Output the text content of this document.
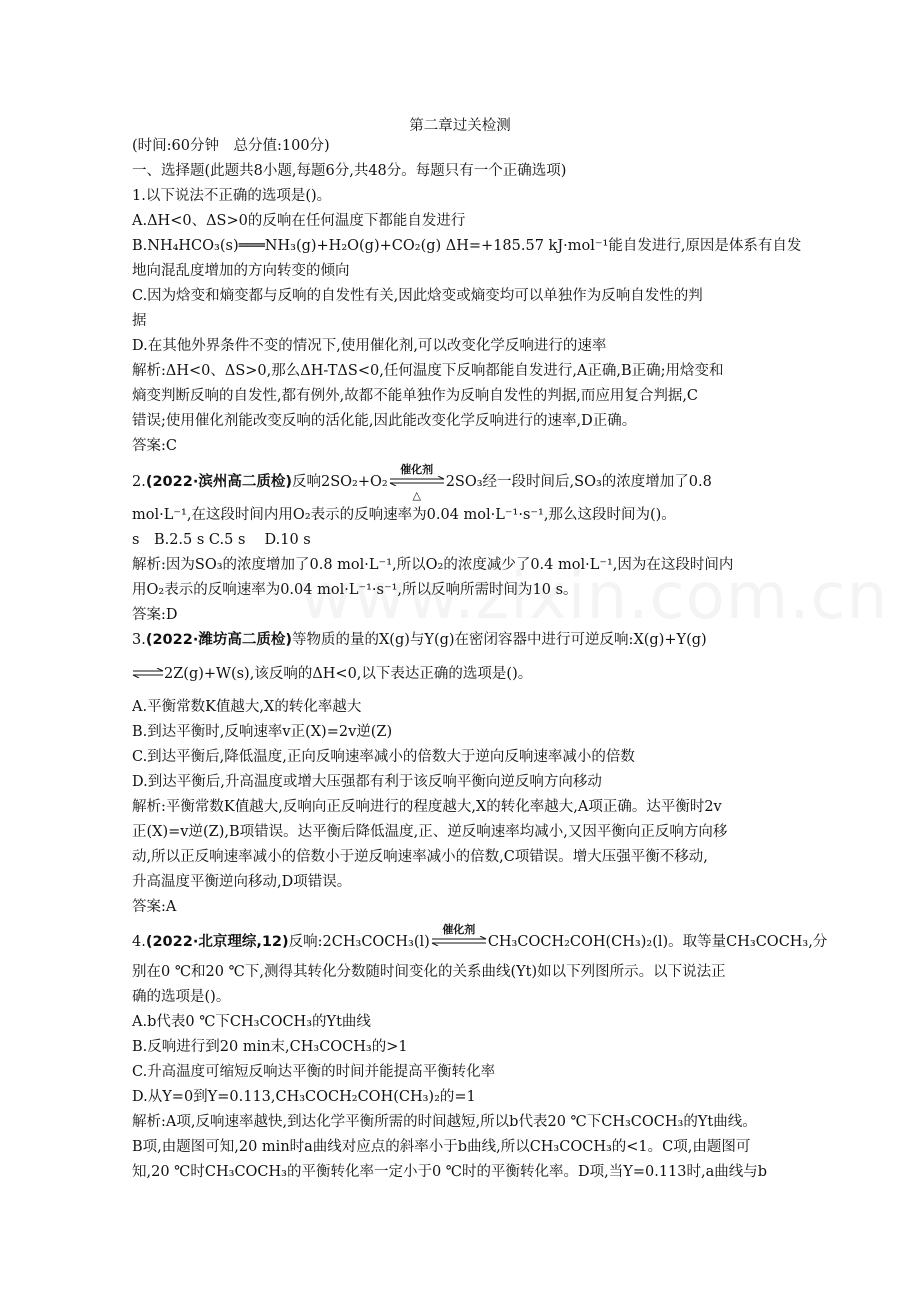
第二章过关检测
(时间:60分钟　总分值:100分)
一、选择题(此题共8小题,每题6分,共48分。每题只有一个正确选项)
1.以下说法不正确的选项是()。
A.ΔH<0、ΔS>0的反响在任何温度下都能自发进行
B.NH₄HCO₃(s)═══NH₃(g)+H₂O(g)+CO₂(g) ΔH=+185.57 kJ·mol⁻¹能自发进行,原因是体系有自发
地向混乱度增加的方向转变的倾向
C.因为焓变和熵变都与反响的自发性有关,因此焓变或熵变均可以单独作为反响自发性的判
据
D.在其他外界条件不变的情况下,使用催化剂,可以改变化学反响进行的速率
解析:ΔH<0、ΔS>0,那么ΔH-TΔS<0,任何温度下反响都能自发进行,A正确,B正确;用焓变和
熵变判断反响的自发性,都有例外,故都不能单独作为反响自发性的判据,而应用复合判据,C
错误;使用催化剂能改变反响的活化能,因此能改变化学反响进行的速率,D正确。
答案:C
2.(2022·滨州高二质检)反响2SO₂+O₂
催化剂
△
2SO₃经一段时间后,SO₃的浓度增加了0.8
mol·L⁻¹,在这段时间内用O₂表示的反响速率为0.04 mol·L⁻¹·s⁻¹,那么这段时间为()。
s　B.2.5 s C.5 s　 D.10 s
解析:因为SO₃的浓度增加了0.8 mol·L⁻¹,所以O₂的浓度减少了0.4 mol·L⁻¹,因为在这段时间内
用O₂表示的反响速率为0.04 mol·L⁻¹·s⁻¹,所以反响所需时间为10 s。
答案:D
3.(2022·潍坊高二质检)等物质的量的X(g)与Y(g)在密闭容器中进行可逆反响:X(g)+Y(g)
2Z(g)+W(s),该反响的ΔH<0,以下表达正确的选项是()。
A.平衡常数K值越大,X的转化率越大
B.到达平衡时,反响速率v正(X)=2v逆(Z)
C.到达平衡后,降低温度,正向反响速率减小的倍数大于逆向反响速率减小的倍数
D.到达平衡后,升高温度或增大压强都有利于该反响平衡向逆反响方向移动
解析:平衡常数K值越大,反响向正反响进行的程度越大,X的转化率越大,A项正确。达平衡时2v
正(X)=v逆(Z),B项错误。达平衡后降低温度,正、逆反响速率均减小,又因平衡向正反响方向移
动,所以正反响速率减小的倍数小于逆反响速率减小的倍数,C项错误。增大压强平衡不移动,
升高温度平衡逆向移动,D项错误。
答案:A
4.(2022·北京理综,12)反响:2CH₃COCH₃(l)
催化剂
CH₃COCH₂COH(CH₃)₂(l)。取等量CH₃COCH₃,分
别在0 ℃和20 ℃下,测得其转化分数随时间变化的关系曲线(Yt)如以下列图所示。以下说法正
确的选项是()。
A.b代表0 ℃下CH₃COCH₃的Yt曲线
B.反响进行到20 min末,CH₃COCH₃的>1
C.升高温度可缩短反响达平衡的时间并能提高平衡转化率
D.从Y=0到Y=0.113,CH₃COCH₂COH(CH₃)₂的=1
解析:A项,反响速率越快,到达化学平衡所需的时间越短,所以b代表20 ℃下CH₃COCH₃的Yt曲线。
B项,由题图可知,20 min时a曲线对应点的斜率小于b曲线,所以CH₃COCH₃的<1。C项,由题图可
知,20 ℃时CH₃COCH₃的平衡转化率一定小于0 ℃时的平衡转化率。D项,当Y=0.113时,a曲线与b
